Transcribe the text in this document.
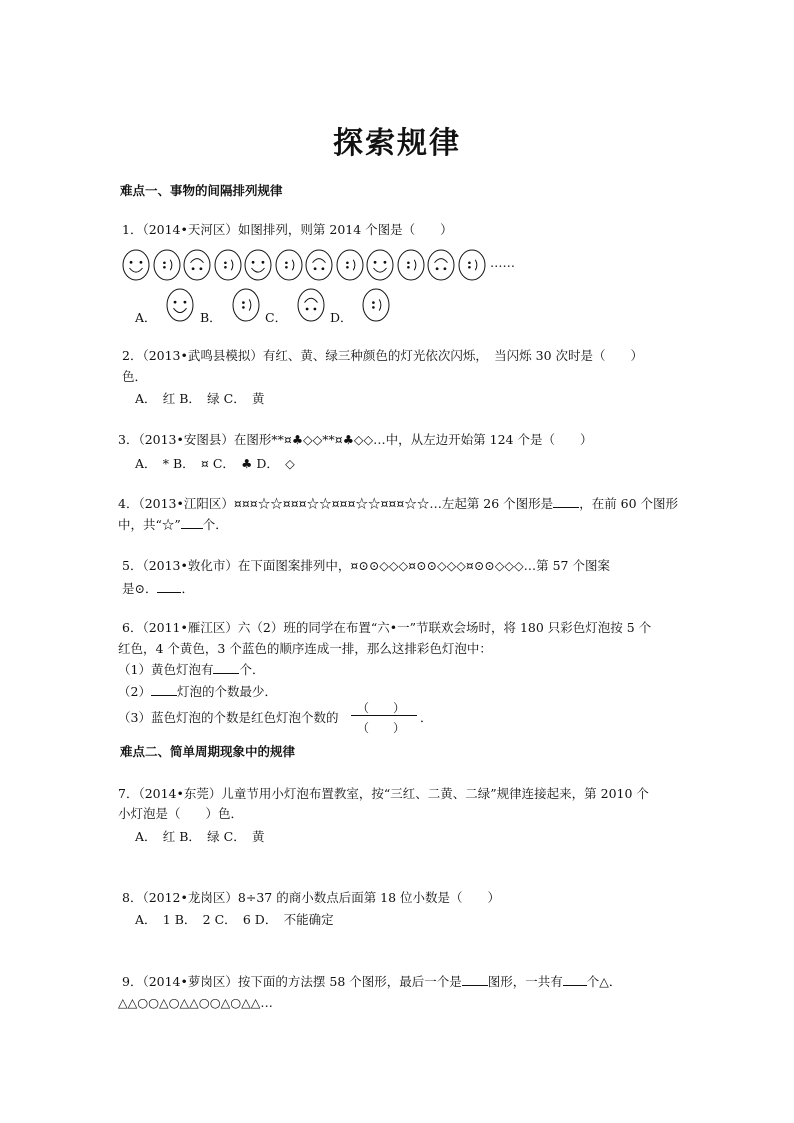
探索规律
难点一、事物的间隔排列规律
1．（2014•天河区）如图排列，则第 2014 个图是（　　）
……
A．	B．	C．	D．
2．（2013•武鸣县模拟）有红、黄、绿三种颜色的灯光依次闪烁，　当闪烁 30 次时是（　　）
色．
A．　红 B．　绿 C．　黄
3．（2013•安图县）在图形**¤♣◇◇**¤♣◇◇…中，从左边开始第 124 个是（　　）
A．　* B．　¤ C．　♣ D．　◇
4．（2013•江阳区）¤¤¤☆☆¤¤¤☆☆¤¤¤☆☆¤¤¤☆☆…左起第 26 个图形是 ，在前 60 个图形
中，共“☆” 个．
5．（2013•敦化市）在下面图案排列中，¤⊙⊙◇◇◇¤⊙⊙◇◇◇¤⊙⊙◇◇◇…第 57 个图案
是⊙． ．
6．（2011•雁江区）六（2）班的同学在布置“六•一”节联欢会场时，将 180 只彩色灯泡按 5 个
红色，4 个黄色，3 个蓝色的顺序连成一排，那么这排彩色灯泡中：
（1）黄色灯泡有 个．
（2） 灯泡的个数最少．
（3）蓝色灯泡的个数是红色灯泡个数的
（　　）
（　　）
．
难点二、简单周期现象中的规律
7．（2014•东莞）儿童节用小灯泡布置教室，按“三红、二黄、二绿”规律连接起来，第 2010 个
小灯泡是（　　）色．
A．　红 B．　绿 C．　黄
8．（2012•龙岗区）8÷37 的商小数点后面第 18 位小数是（　　）
A．　1 B．　2 C．　6 D．　不能确定
9．（2014•萝岗区）按下面的方法摆 58 个图形，最后一个是 图形，一共有 个△．
△△○○△○△△○○△○△△…
